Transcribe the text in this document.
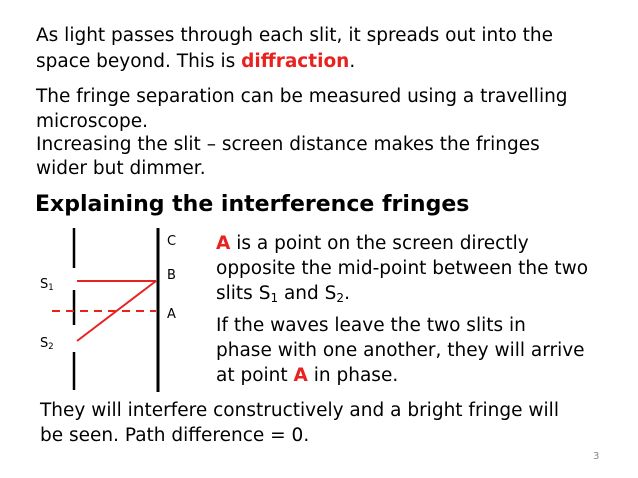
As light passes through each slit, it spreads out into the
space beyond. This is diffraction.
The fringe separation can be measured using a travelling
microscope.
Increasing the slit – screen distance makes the fringes
wider but dimmer.
Explaining the interference fringes
C
B
A
$S_1$
$S_2$
A is a point on the screen directly
opposite the mid-point between the two
slits $S_1$ and $S_2$.
If the waves leave the two slits in
phase with one another, they will arrive
at point A in phase.
They will interfere constructively and a bright fringe will
be seen. Path difference = 0.
3
